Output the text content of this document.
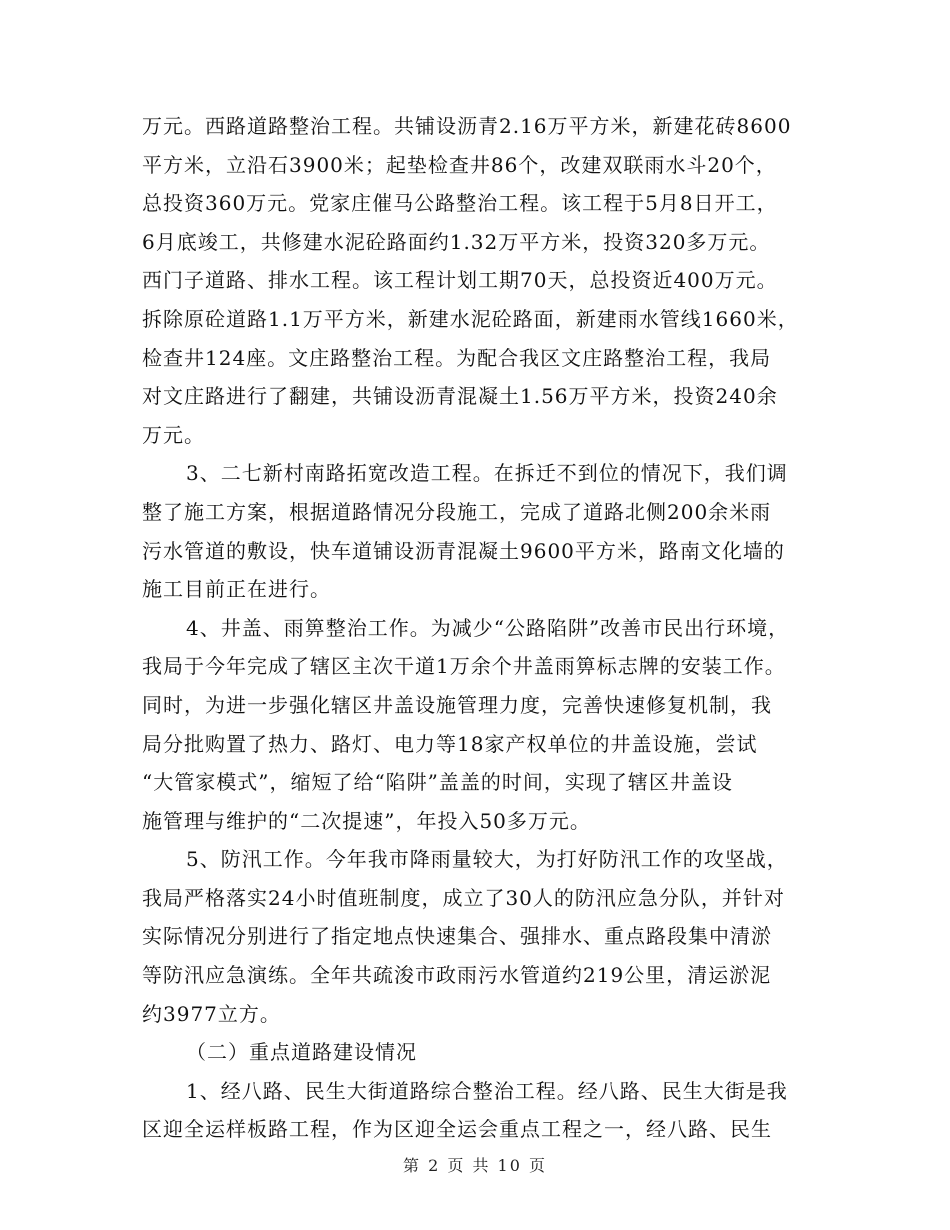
万元。西路道路整治工程。共铺设沥青2.16万平方米，新建花砖8600
平方米，立沿石3900米；起垫检查井86个，改建双联雨水斗20个，
总投资360万元。党家庄催马公路整治工程。该工程于5月8日开工，
6月底竣工，共修建水泥砼路面约1.32万平方米，投资320多万元。
西门子道路、排水工程。该工程计划工期70天，总投资近400万元。
拆除原砼道路1.1万平方米，新建水泥砼路面，新建雨水管线1660米，
检查井124座。文庄路整治工程。为配合我区文庄路整治工程，我局
对文庄路进行了翻建，共铺设沥青混凝土1.56万平方米，投资240余
万元。
3、二七新村南路拓宽改造工程。在拆迁不到位的情况下，我们调
整了施工方案，根据道路情况分段施工，完成了道路北侧200余米雨
污水管道的敷设，快车道铺设沥青混凝土9600平方米，路南文化墙的
施工目前正在进行。
4、井盖、雨箅整治工作。为减少“公路陷阱”改善市民出行环境，
我局于今年完成了辖区主次干道1万余个井盖雨箅标志牌的安装工作。
同时，为进一步强化辖区井盖设施管理力度，完善快速修复机制，我
局分批购置了热力、路灯、电力等18家产权单位的井盖设施，尝试
“大管家模式”，缩短了给“陷阱”盖盖的时间，实现了辖区井盖设
施管理与维护的“二次提速”，年投入50多万元。
5、防汛工作。今年我市降雨量较大，为打好防汛工作的攻坚战，
我局严格落实24小时值班制度，成立了30人的防汛应急分队，并针对
实际情况分别进行了指定地点快速集合、强排水、重点路段集中清淤
等防汛应急演练。全年共疏浚市政雨污水管道约219公里，清运淤泥
约3977立方。
（二）重点道路建设情况
1、经八路、民生大街道路综合整治工程。经八路、民生大街是我
区迎全运样板路工程，作为区迎全运会重点工程之一，经八路、民生
第 2 页 共 10 页
